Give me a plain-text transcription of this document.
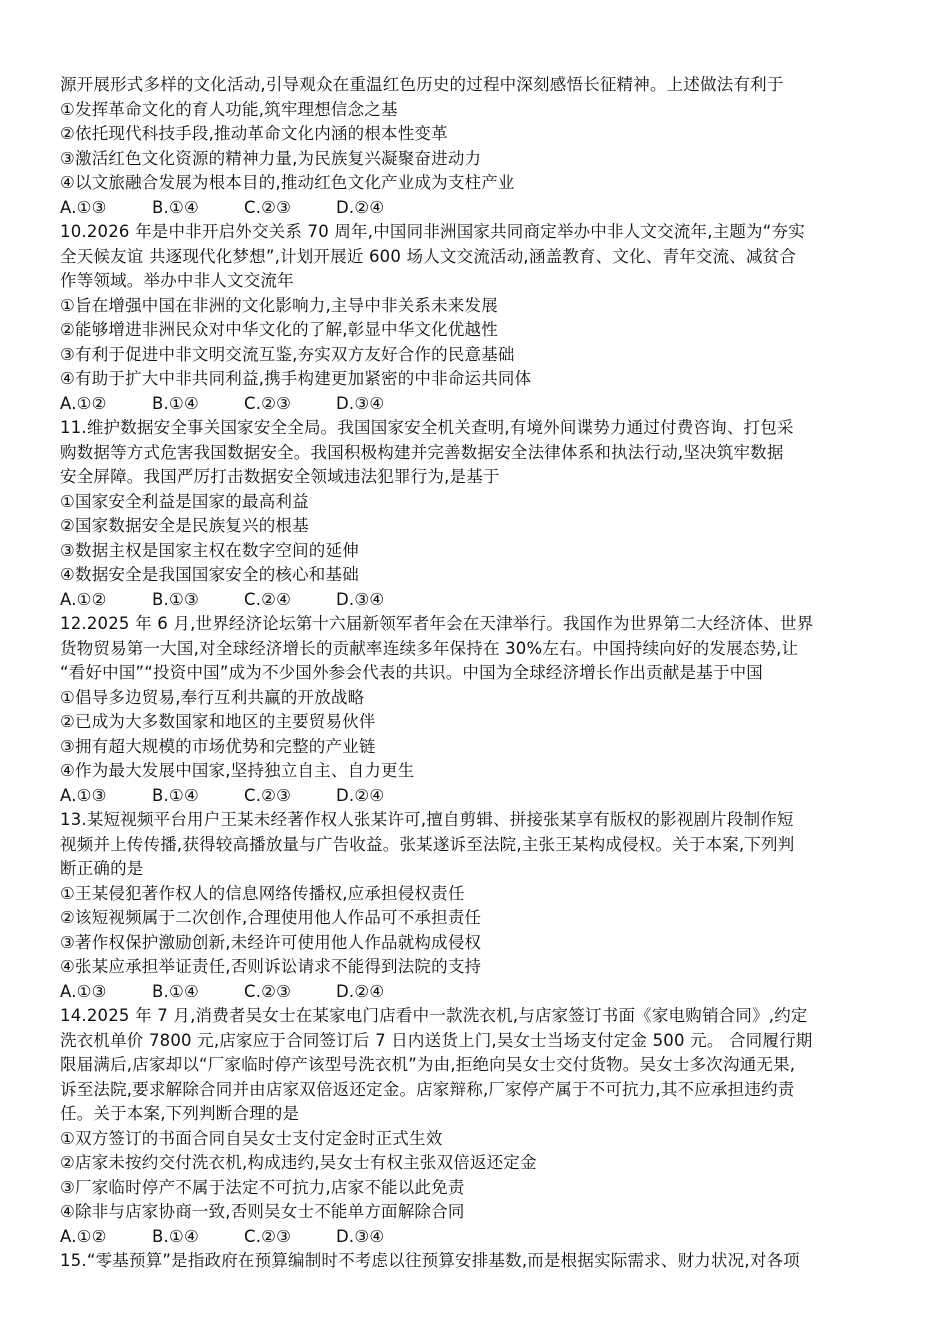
源开展形式多样的文化活动,引导观众在重温红色历史的过程中深刻感悟长征精神。上述做法有利于
①发挥革命文化的育人功能,筑牢理想信念之基
②依托现代科技手段,推动革命文化内涵的根本性变革
③激活红色文化资源的精神力量,为民族复兴凝聚奋进动力
④以文旅融合发展为根本目的,推动红色文化产业成为支柱产业
A.①③	B.①④	C.②③	D.②④
10.2026 年是中非开启外交关系 70 周年,中国同非洲国家共同商定举办中非人文交流年,主题为“夯实
全天候友谊 共逐现代化梦想”,计划开展近 600 场人文交流活动,涵盖教育、文化、青年交流、减贫合
作等领域。举办中非人文交流年
①旨在增强中国在非洲的文化影响力,主导中非关系未来发展
②能够增进非洲民众对中华文化的了解,彰显中华文化优越性
③有利于促进中非文明交流互鉴,夯实双方友好合作的民意基础
④有助于扩大中非共同利益,携手构建更加紧密的中非命运共同体
A.①②	B.①④	C.②③	D.③④
11.维护数据安全事关国家安全全局。我国国家安全机关查明,有境外间谍势力通过付费咨询、打包采
购数据等方式危害我国数据安全。我国积极构建并完善数据安全法律体系和执法行动,坚决筑牢数据
安全屏障。我国严厉打击数据安全领域违法犯罪行为,是基于
①国家安全利益是国家的最高利益
②国家数据安全是民族复兴的根基
③数据主权是国家主权在数字空间的延伸
④数据安全是我国国家安全的核心和基础
A.①②	B.①③	C.②④	D.③④
12.2025 年 6 月,世界经济论坛第十六届新领军者年会在天津举行。我国作为世界第二大经济体、世界
货物贸易第一大国,对全球经济增长的贡献率连续多年保持在 30%左右。中国持续向好的发展态势,让
“看好中国”“投资中国”成为不少国外参会代表的共识。中国为全球经济增长作出贡献是基于中国
①倡导多边贸易,奉行互利共赢的开放战略
②已成为大多数国家和地区的主要贸易伙伴
③拥有超大规模的市场优势和完整的产业链
④作为最大发展中国家,坚持独立自主、自力更生
A.①③	B.①④	C.②③	D.②④
13.某短视频平台用户王某未经著作权人张某许可,擅自剪辑、拼接张某享有版权的影视剧片段制作短
视频并上传传播,获得较高播放量与广告收益。张某遂诉至法院,主张王某构成侵权。关于本案,下列判
断正确的是
①王某侵犯著作权人的信息网络传播权,应承担侵权责任
②该短视频属于二次创作,合理使用他人作品可不承担责任
③著作权保护激励创新,未经许可使用他人作品就构成侵权
④张某应承担举证责任,否则诉讼请求不能得到法院的支持
A.①③	B.①④	C.②③	D.②④
14.2025 年 7 月,消费者吴女士在某家电门店看中一款洗衣机,与店家签订书面《家电购销合同》,约定
洗衣机单价 7800 元,店家应于合同签订后 7 日内送货上门,吴女士当场支付定金 500 元。 合同履行期
限届满后,店家却以“厂家临时停产该型号洗衣机”为由,拒绝向吴女士交付货物。吴女士多次沟通无果,
诉至法院,要求解除合同并由店家双倍返还定金。店家辩称,厂家停产属于不可抗力,其不应承担违约责
任。关于本案,下列判断合理的是
①双方签订的书面合同自吴女士支付定金时正式生效
②店家未按约交付洗衣机,构成违约,吴女士有权主张双倍返还定金
③厂家临时停产不属于法定不可抗力,店家不能以此免责
④除非与店家协商一致,否则吴女士不能单方面解除合同
A.①②	B.①④	C.②③	D.③④
15.“零基预算”是指政府在预算编制时不考虑以往预算安排基数,而是根据实际需求、财力状况,对各项
